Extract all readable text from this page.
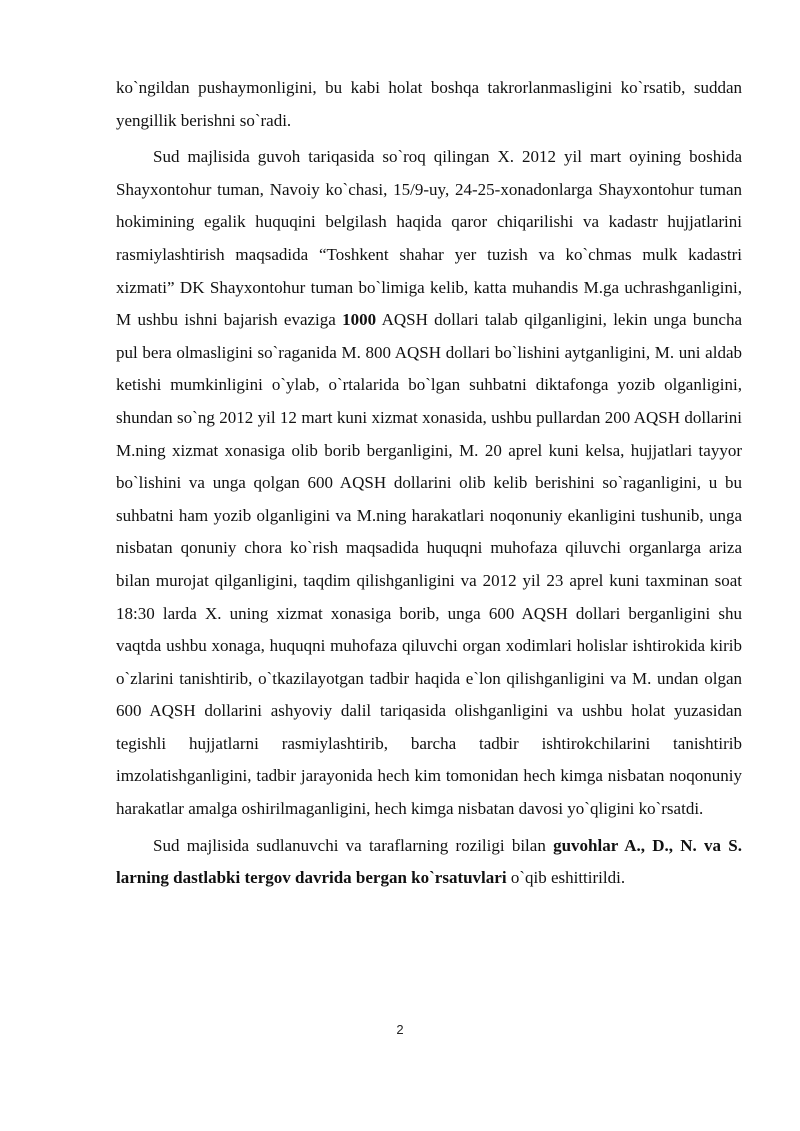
ko`ngildan pushaymonligini, bu kabi holat boshqa takrorlanmasligini ko`rsatib, suddan yengillik berishni so`radi.

Sud majlisida guvoh tariqasida so`roq qilingan X. 2012 yil mart oyining boshida Shayxontohur tuman, Navoiy ko`chasi, 15/9-uy, 24-25-xonadonlarga Shayxontohur tuman hokimining egalik huquqini belgilash haqida qaror chiqarilishi va kadastr hujjatlarini rasmiylashtirish maqsadida “Toshkent shahar yer tuzish va ko`chmas mulk kadastri xizmati” DK Shayxontohur tuman bo`limiga kelib, katta muhandis M.ga uchrashganligini, M ushbu ishni bajarish evaziga 1000 AQSH dollari talab qilganligini, lekin unga buncha pul bera olmasligini so`raganida M. 800 AQSH dollari bo`lishini aytganligini, M. uni aldab ketishi mumkinligini o`ylab, o`rtalarida bo`lgan suhbatni diktafonga yozib olganligini, shundan so`ng 2012 yil 12 mart kuni xizmat xonasida, ushbu pullardan 200 AQSH dollarini M.ning xizmat xonasiga olib borib berganligini, M. 20 aprel kuni kelsa, hujjatlari tayyor bo`lishini va unga qolgan 600 AQSH dollarini olib kelib berishini so`raganligini, u bu suhbatni ham yozib olganligini va M.ning harakatlari noqonuniy ekanligini tushunib, unga nisbatan qonuniy chora ko`rish maqsadida huquqni muhofaza qiluvchi organlarga ariza bilan murojat qilganligini, taqdim qilishganligini va 2012 yil 23 aprel kuni taxminan soat 18:30 larda X. uning xizmat xonasiga borib, unga 600 AQSH dollari berganligini shu vaqtda ushbu xonaga, huquqni muhofaza qiluvchi organ xodimlari holislar ishtirokida kirib o`zlarini tanishtirib, o`tkazilayotgan tadbir haqida e`lon qilishganligini va M. undan olgan 600 AQSH dollarini ashyoviy dalil tariqasida olishganligini va ushbu holat yuzasidan tegishli hujjatlarni rasmiylashtirib, barcha tadbir ishtirokchilarini tanishtirib imzolatishganligini, tadbir jarayonida hech kim tomonidan hech kimga nisbatan noqonuniy harakatlar amalga oshirilmaganligini, hech kimga nisbatan davosi yo`qligini ko`rsatdi.

Sud majlisida sudlanuvchi va taraflarning roziligi bilan guvohlar A., D., N. va S. larning dastlabki tergov davrida bergan ko`rsatuvlari o`qib eshittirildi.

2
